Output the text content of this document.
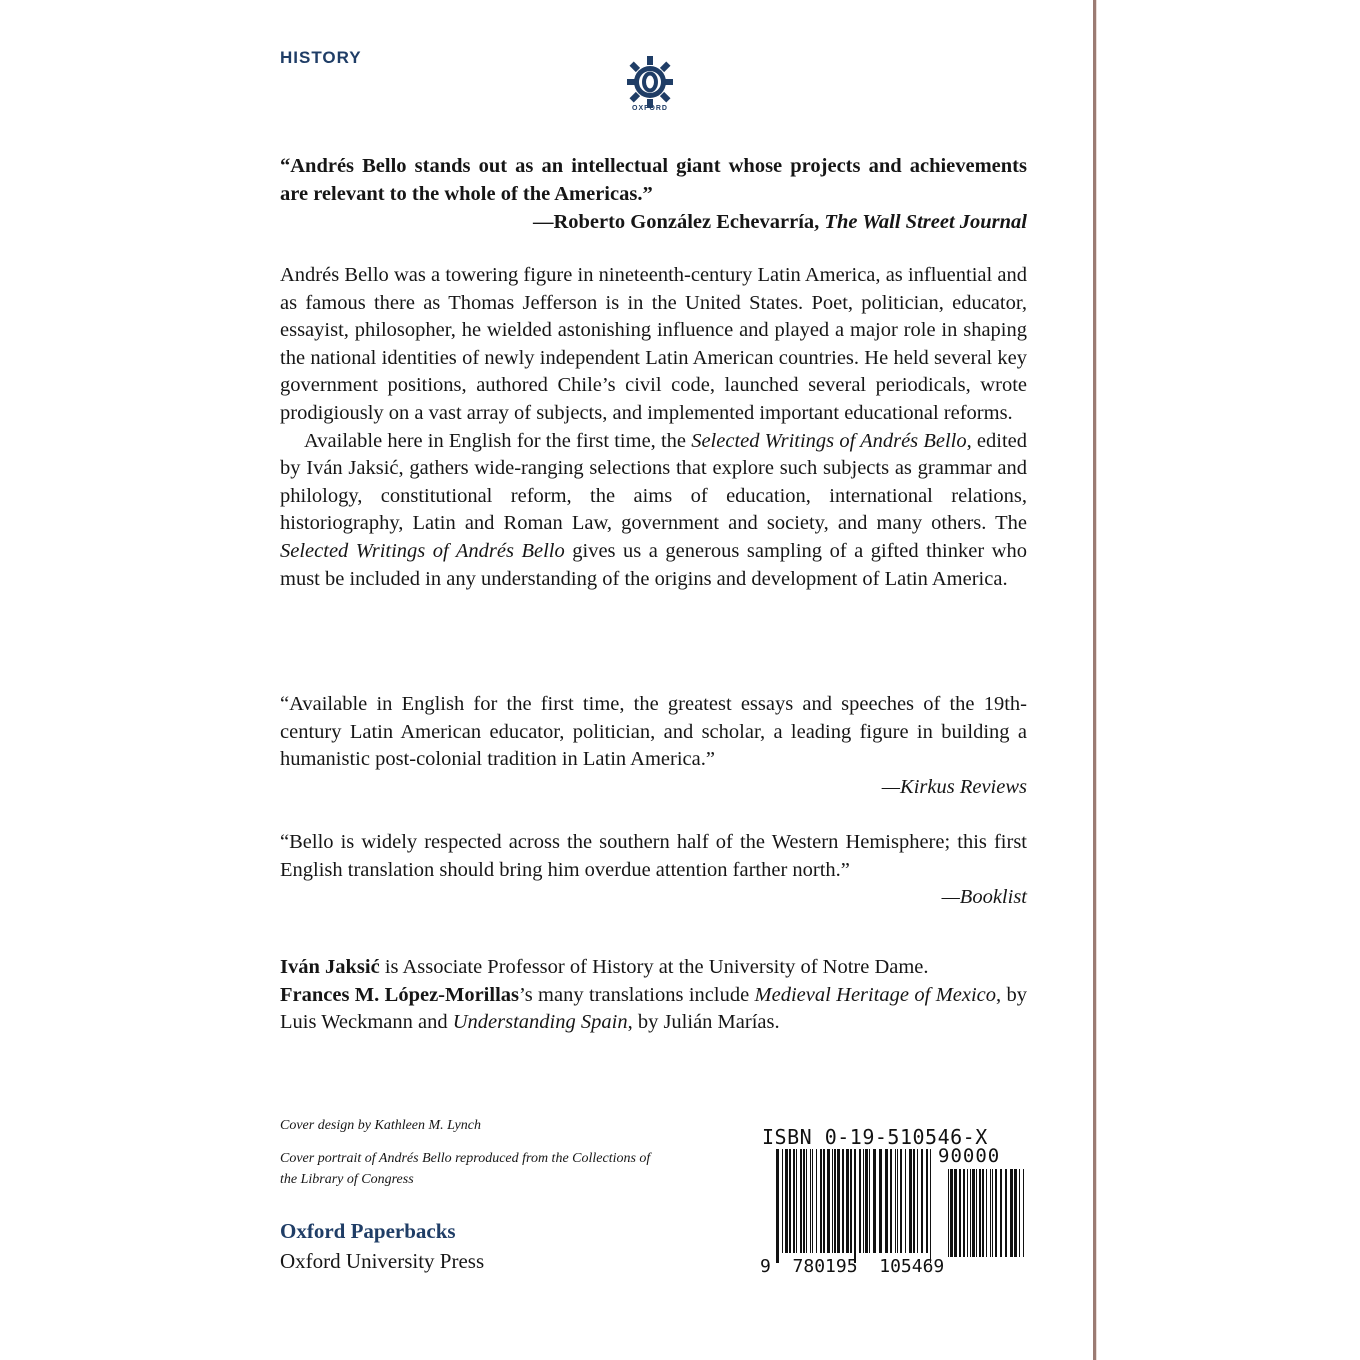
HISTORY
OXFORD
“Andrés Bello stands out as an intellectual giant whose projects and achievements are relevant to the whole of the Americas.”
—Roberto González Echevarría, The Wall Street Journal

Andrés Bello was a towering figure in nineteenth-century Latin America, as influential and as famous there as Thomas Jefferson is in the United States. Poet, politician, educator, essayist, philosopher, he wielded astonishing influence and played a major role in shaping the national identities of newly independent Latin American countries. He held several key government positions, authored Chile’s civil code, launched several periodicals, wrote prodigiously on a vast array of subjects, and implemented important educational reforms.

Available here in English for the first time, the Selected Writings of Andrés Bello, edited by Iván Jaksić, gathers wide-ranging selections that explore such subjects as grammar and philology, constitutional reform, the aims of education, international relations, historiography, Latin and Roman Law, government and society, and many others. The Selected Writings of Andrés Bello gives us a generous sampling of a gifted thinker who must be included in any understanding of the origins and development of Latin America.

“Available in English for the first time, the greatest essays and speeches of the 19th-century Latin American educator, politician, and scholar, a leading figure in building a humanistic post-colonial tradition in Latin America.”
—Kirkus Reviews
“Bello is widely respected across the southern half of the Western Hemisphere; this first English translation should bring him overdue attention farther north.”
—Booklist
Iván Jaksić is Associate Professor of History at the University of Notre Dame.
Frances M. López-Morillas’s many translations include Medieval Heritage of Mexico, by Luis Weckmann and Understanding Spain, by Julián Marías.
Cover design by Kathleen M. Lynch
Cover portrait of Andrés Bello reproduced from the Collections of the Library of Congress
Oxford Paperbacks
Oxford University Press
ISBN 0-19-510546-X
90000
9 780195 105469
